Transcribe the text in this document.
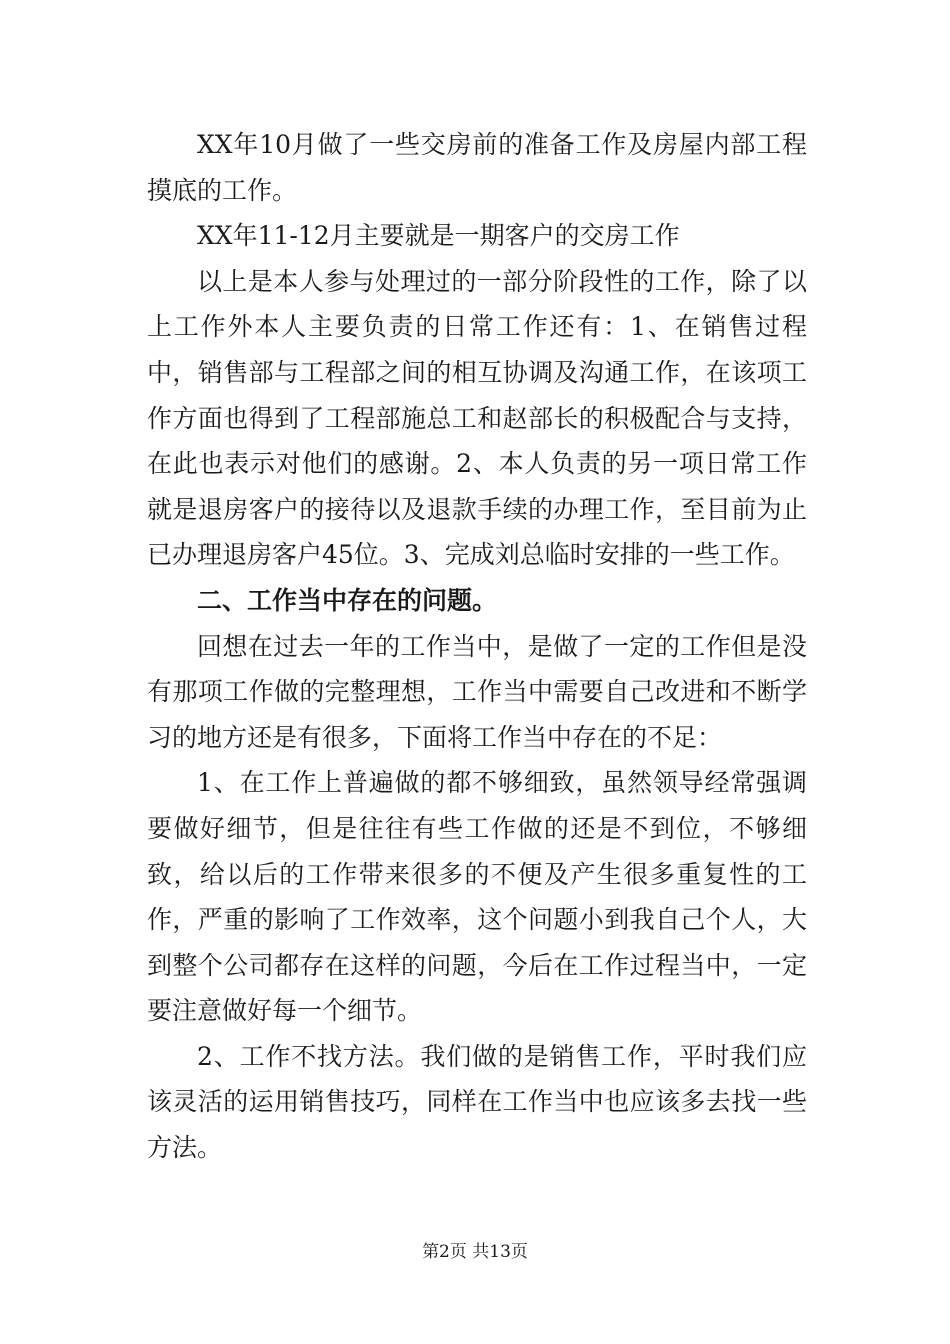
XX年10月做了一些交房前的准备工作及房屋内部工程摸底的工作。

XX年11-12月主要就是一期客户的交房工作

以上是本人参与处理过的一部分阶段性的工作，除了以上工作外本人主要负责的日常工作还有：1、在销售过程中，销售部与工程部之间的相互协调及沟通工作，在该项工作方面也得到了工程部施总工和赵部长的积极配合与支持，在此也表示对他们的感谢。2、本人负责的另一项日常工作就是退房客户的接待以及退款手续的办理工作，至目前为止已办理退房客户45位。3、完成刘总临时安排的一些工作。

二、工作当中存在的问题。

回想在过去一年的工作当中，是做了一定的工作但是没有那项工作做的完整理想，工作当中需要自己改进和不断学习的地方还是有很多，下面将工作当中存在的不足：

1、在工作上普遍做的都不够细致，虽然领导经常强调要做好细节，但是往往有些工作做的还是不到位，不够细致，给以后的工作带来很多的不便及产生很多重复性的工作，严重的影响了工作效率，这个问题小到我自己个人，大到整个公司都存在这样的问题，今后在工作过程当中，一定要注意做好每一个细节。

2、工作不找方法。我们做的是销售工作，平时我们应该灵活的运用销售技巧，同样在工作当中也应该多去找一些方法。

第2页 共13页
